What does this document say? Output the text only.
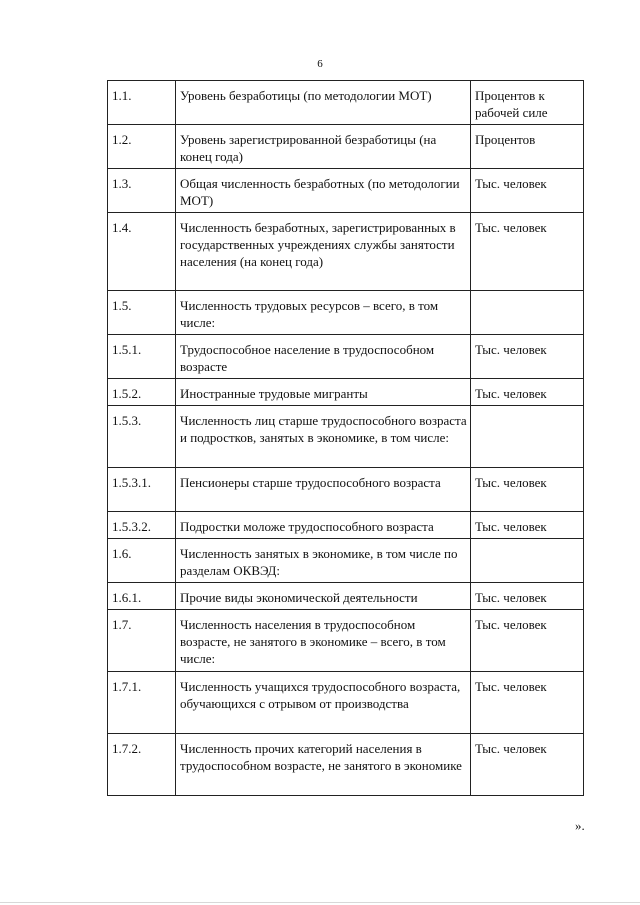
6
1.1.	Уровень безработицы (по методологии МОТ)	Процентов к рабочей силе
1.2.	Уровень зарегистрированной безработицы (на конец года)	Процентов
1.3.	Общая численность безработных (по методологии МОТ)	Тыс. человек
1.4.	Численность безработных, зарегистрированных в государственных учреждениях службы занятости населения (на конец года)	Тыс. человек
1.5.	Численность трудовых ресурсов – всего, в том числе:	
1.5.1.	Трудоспособное население в трудоспособном возрасте	Тыс. человек
1.5.2.	Иностранные трудовые мигранты	Тыс. человек
1.5.3.	Численность лиц старше трудоспособного возраста и подростков, занятых в экономике, в том числе:	
1.5.3.1.	Пенсионеры старше трудоспособного возраста	Тыс. человек
1.5.3.2.	Подростки моложе трудоспособного возраста	Тыс. человек
1.6.	Численность занятых в экономике, в том числе по разделам ОКВЭД:	
1.6.1.	Прочие виды экономической деятельности	Тыс. человек
1.7.	Численность населения в трудоспособном возрасте, не занятого в экономике – всего, в том числе:	Тыс. человек
1.7.1.	Численность учащихся трудоспособного возраста, обучающихся с отрывом от производства	Тыс. человек
1.7.2.	Численность прочих категорий населения в трудоспособном возрасте, не занятого в экономике	Тыс. человек
».
